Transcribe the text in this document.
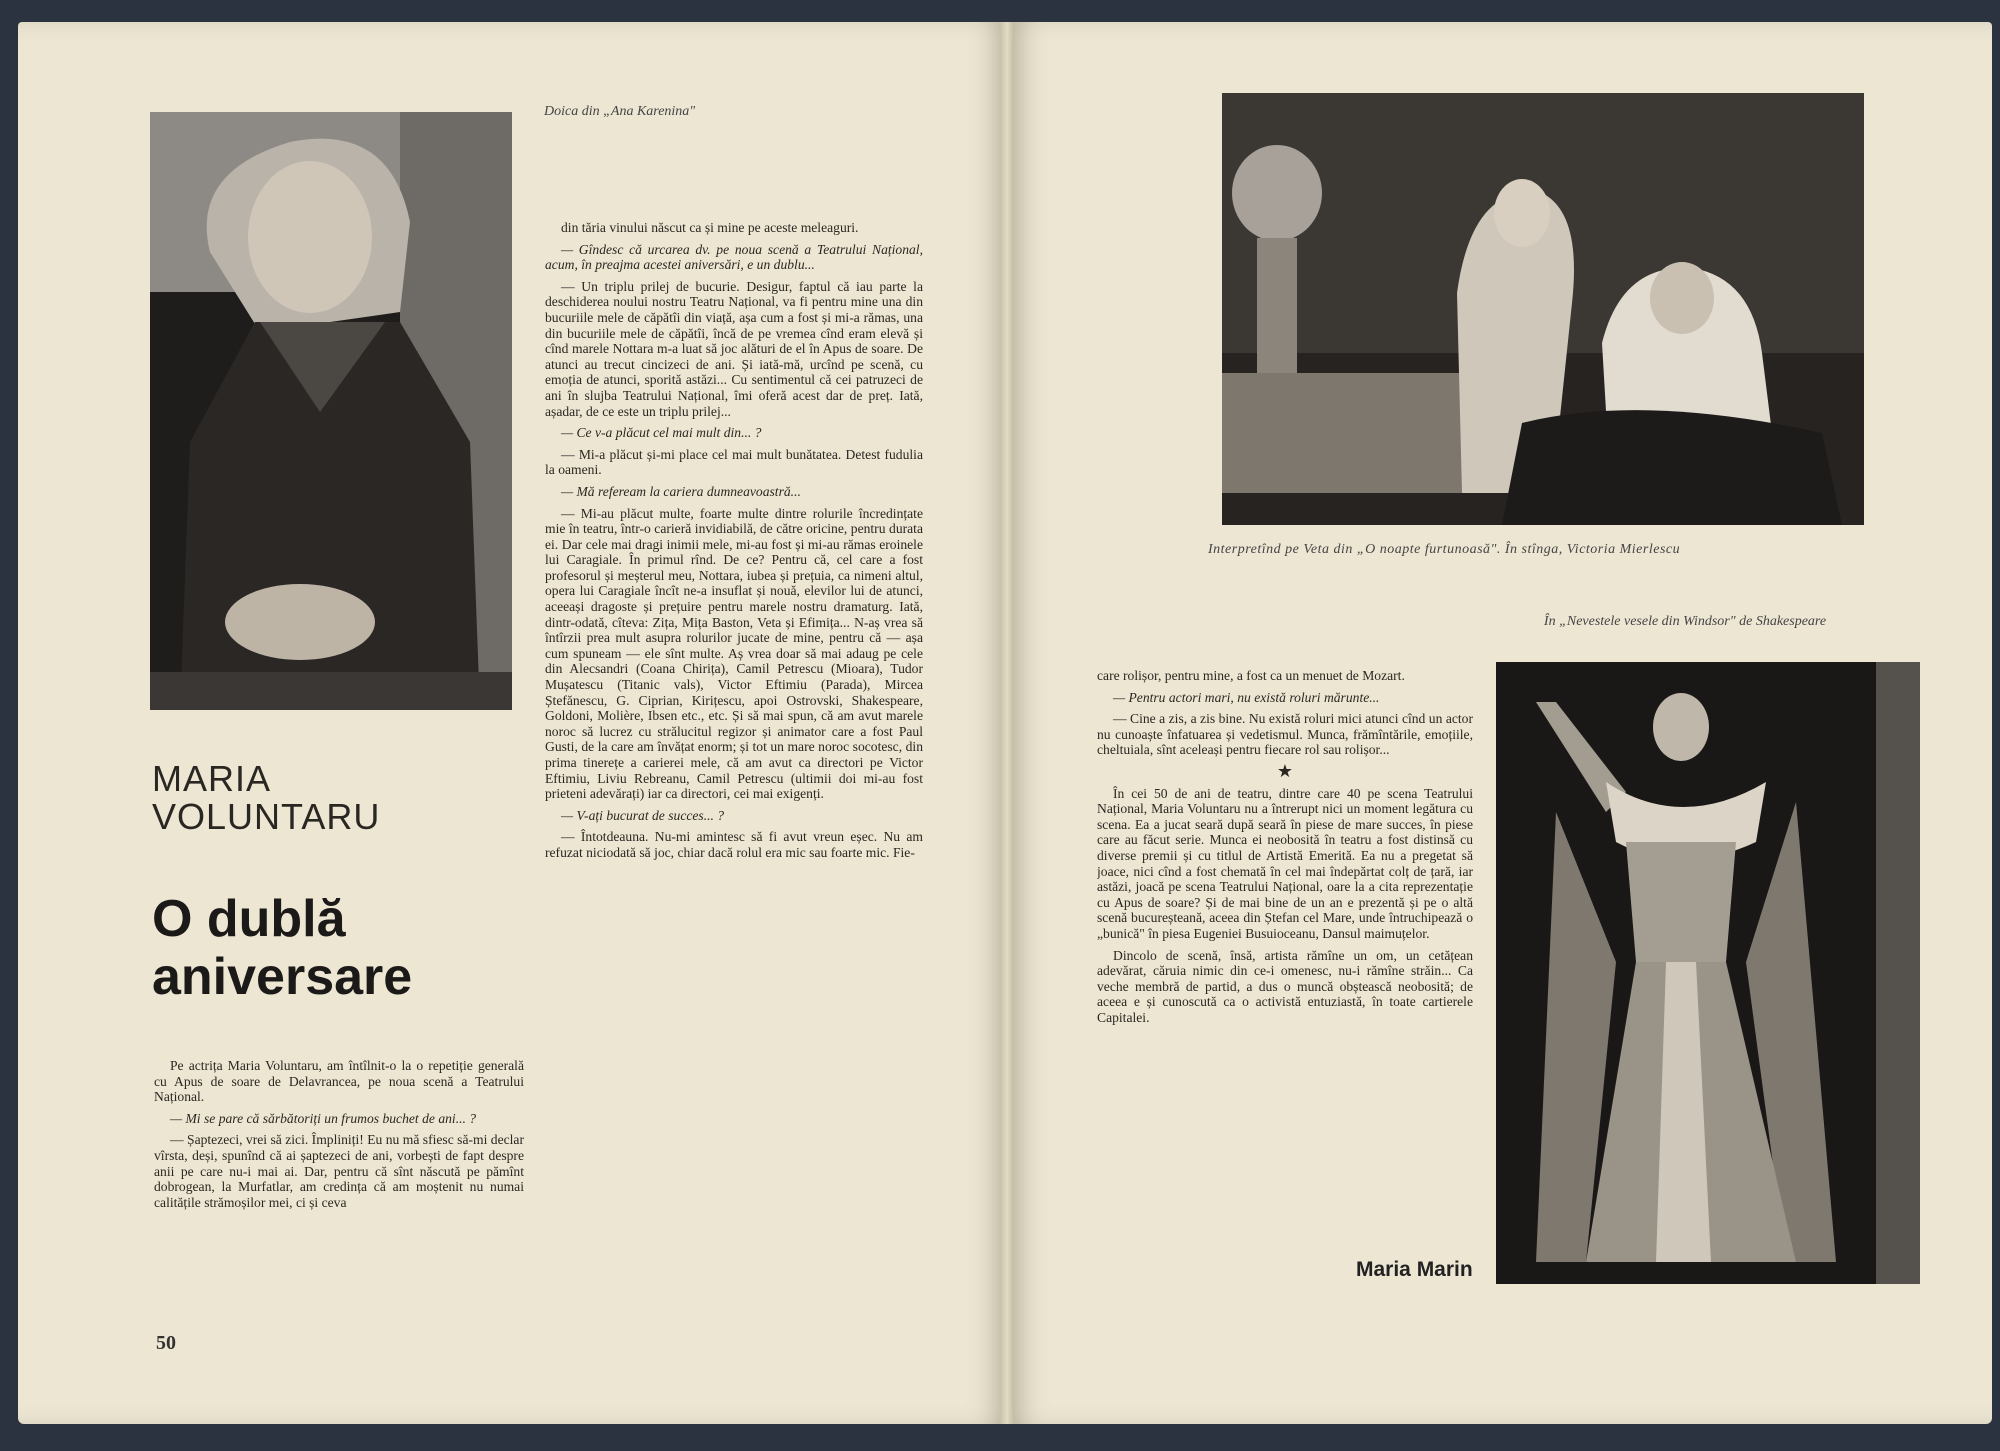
Doica din „Ana Karenina"
MARIA
VOLUNTARU
O dublă
aniversare

Pe actrița Maria Voluntaru, am întîlnit-o la o repetiție generală cu Apus de soare de Delavrancea, pe noua scenă a Teatrului Național.

— Mi se pare că sărbătoriți un frumos buchet de ani... ?

— Șaptezeci, vrei să zici. Împliniți! Eu nu mă sfiesc să-mi declar vîrsta, deși, spunînd că ai șaptezeci de ani, vorbești de fapt despre anii pe care nu-i mai ai. Dar, pentru că sînt născută pe pămînt dobrogean, la Murfatlar, am credința că am moștenit nu numai calitățile strămoșilor mei, ci și ceva

din tăria vinului născut ca și mine pe aceste meleaguri.

— Gîndesc că urcarea dv. pe noua scenă a Teatrului Național, acum, în preajma acestei aniversări, e un dublu...

— Un triplu prilej de bucurie. Desigur, faptul că iau parte la deschiderea noului nostru Teatru Național, va fi pentru mine una din bucuriile mele de căpătîi din viață, așa cum a fost și mi-a rămas, una din bucuriile mele de căpătîi, încă de pe vremea cînd eram elevă și cînd marele Nottara m-a luat să joc alături de el în Apus de soare. De atunci au trecut cincizeci de ani. Și iată-mă, urcînd pe scenă, cu emoția de atunci, sporită astăzi... Cu sentimentul că cei patruzeci de ani în slujba Teatrului Național, îmi oferă acest dar de preț. Iată, așadar, de ce este un triplu prilej...

— Ce v-a plăcut cel mai mult din... ?

— Mi-a plăcut și-mi place cel mai mult bunătatea. Detest fudulia la oameni.

— Mă refeream la cariera dumneavoastră...

— Mi-au plăcut multe, foarte multe dintre rolurile încredințate mie în teatru, într-o carieră invidiabilă, de către oricine, pentru durata ei. Dar cele mai dragi inimii mele, mi-au fost și mi-au rămas eroinele lui Caragiale. În primul rînd. De ce? Pentru că, cel care a fost profesorul și meșterul meu, Nottara, iubea și prețuia, ca nimeni altul, opera lui Caragiale încît ne-a insuflat și nouă, elevilor lui de atunci, aceeași dragoste și prețuire pentru marele nostru dramaturg. Iată, dintr-odată, cîteva: Zița, Mița Baston, Veta și Efimița... N-aș vrea să întîrzii prea mult asupra rolurilor jucate de mine, pentru că — așa cum spuneam — ele sînt multe. Aș vrea doar să mai adaug pe cele din Alecsandri (Coana Chirița), Camil Petrescu (Mioara), Tudor Mușatescu (Titanic vals), Victor Eftimiu (Parada), Mircea Ștefănescu, G. Ciprian, Kirițescu, apoi Ostrovski, Shakespeare, Goldoni, Molière, Ibsen etc., etc. Și să mai spun, că am avut marele noroc să lucrez cu strălucitul regizor și animator care a fost Paul Gusti, de la care am învățat enorm; și tot un mare noroc socotesc, din prima tinerețe a carierei mele, că am avut ca directori pe Victor Eftimiu, Liviu Rebreanu, Camil Petrescu (ultimii doi mi-au fost prieteni adevărați) iar ca directori, cei mai exigenți.

— V-ați bucurat de succes... ?

— Întotdeauna. Nu-mi amintesc să fi avut vreun eșec. Nu am refuzat niciodată să joc, chiar dacă rolul era mic sau foarte mic. Fie-

50
Interpretînd pe Veta din „O noapte furtunoasă". În stînga, Victoria Mierlescu
În „Nevestele vesele din Windsor" de Shakespeare

care rolișor, pentru mine, a fost ca un menuet de Mozart.

— Pentru actori mari, nu există roluri mărunte...

— Cine a zis, a zis bine. Nu există roluri mici atunci cînd un actor nu cunoaște înfatuarea și vedetismul. Munca, frămîntările, emoțiile, cheltuiala, sînt aceleași pentru fiecare rol sau rolișor...

★

În cei 50 de ani de teatru, dintre care 40 pe scena Teatrului Național, Maria Voluntaru nu a întrerupt nici un moment legătura cu scena. Ea a jucat seară după seară în piese de mare succes, în piese care au făcut serie. Munca ei neobosită în teatru a fost distinsă cu diverse premii și cu titlul de Artistă Emerită. Ea nu a pregetat să joace, nici cînd a fost chemată în cel mai îndepărtat colț de țară, iar astăzi, joacă pe scena Teatrului Național, oare la a cita reprezentație cu Apus de soare? Și de mai bine de un an e prezentă și pe o altă scenă bucureșteană, aceea din Ștefan cel Mare, unde întruchipează o „bunică" în piesa Eugeniei Busuioceanu, Dansul maimuțelor.

Dincolo de scenă, însă, artista rămîne un om, un cetățean adevărat, căruia nimic din ce-i omenesc, nu-i rămîne străin... Ca veche membră de partid, a dus o muncă obștească neobosită; de aceea e și cunoscută ca o activistă entuziastă, în toate cartierele Capitalei.

Maria Marin
